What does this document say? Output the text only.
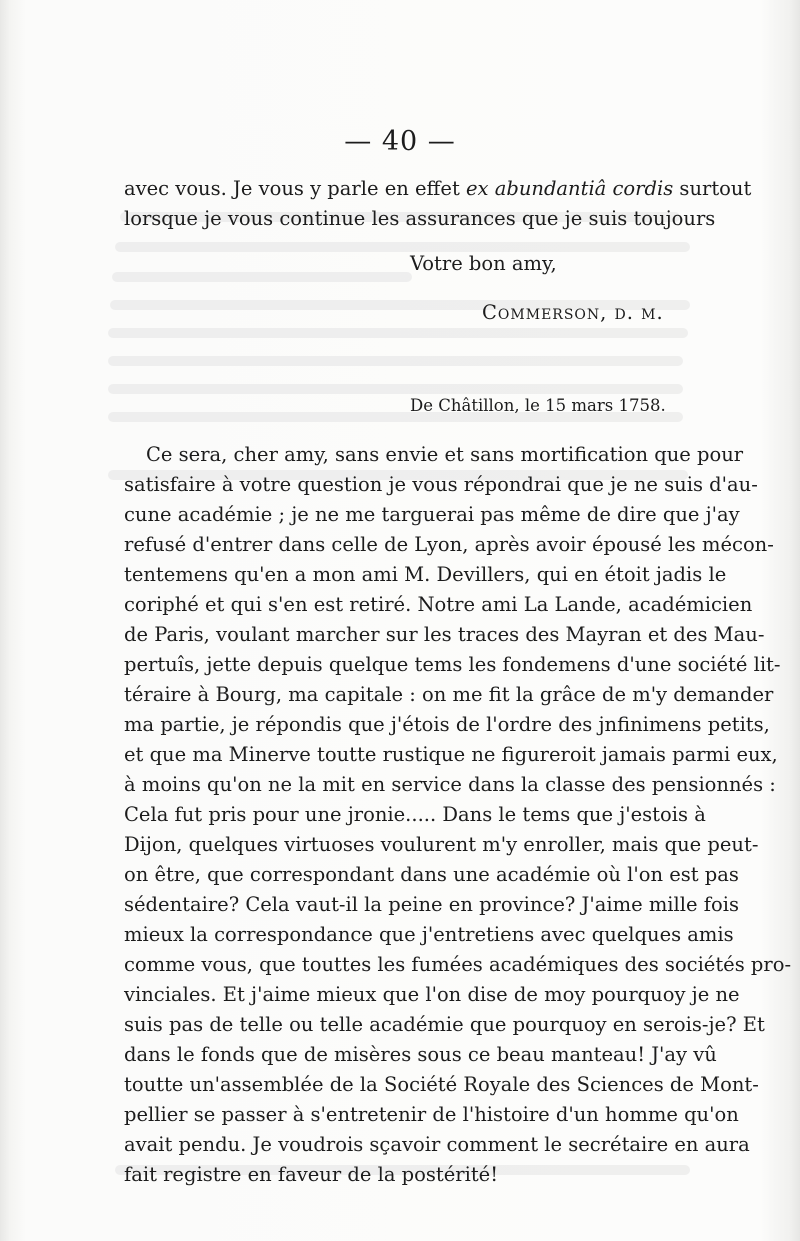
— 40 —
avec vous. Je vous y parle en effet ex abundantiâ cordis surtout
lorsque je vous continue les assurances que je suis toujours
Votre bon amy,
Commerson, d. m.
De Châtillon, le 15 mars 1758.
Ce sera, cher amy, sans envie et sans mortification que pour
satisfaire à votre question je vous répondrai que je ne suis d'au-
cune académie ; je ne me targuerai pas même de dire que j'ay
refusé d'entrer dans celle de Lyon, après avoir épousé les mécon-
tentemens qu'en a mon ami M. Devillers, qui en étoit jadis le
coriphé et qui s'en est retiré. Notre ami La Lande, académicien
de Paris, voulant marcher sur les traces des Mayran et des Mau-
pertuîs, jette depuis quelque tems les fondemens d'une société lit-
téraire à Bourg, ma capitale : on me fit la grâce de m'y demander
ma partie, je répondis que j'étois de l'ordre des jnfinimens petits,
et que ma Minerve toutte rustique ne figureroit jamais parmi eux,
à moins qu'on ne la mit en service dans la classe des pensionnés :
Cela fut pris pour une jronie..... Dans le tems que j'estois à
Dijon, quelques virtuoses voulurent m'y enroller, mais que peut-
on être, que correspondant dans une académie où l'on est pas
sédentaire? Cela vaut-il la peine en province? J'aime mille fois
mieux la correspondance que j'entretiens avec quelques amis
comme vous, que touttes les fumées académiques des sociétés pro-
vinciales. Et j'aime mieux que l'on dise de moy pourquoy je ne
suis pas de telle ou telle académie que pourquoy en serois-je? Et
dans le fonds que de misères sous ce beau manteau! J'ay vû
toutte un'assemblée de la Société Royale des Sciences de Mont-
pellier se passer à s'entretenir de l'histoire d'un homme qu'on
avait pendu. Je voudrois sçavoir comment le secrétaire en aura
fait registre en faveur de la postérité!
